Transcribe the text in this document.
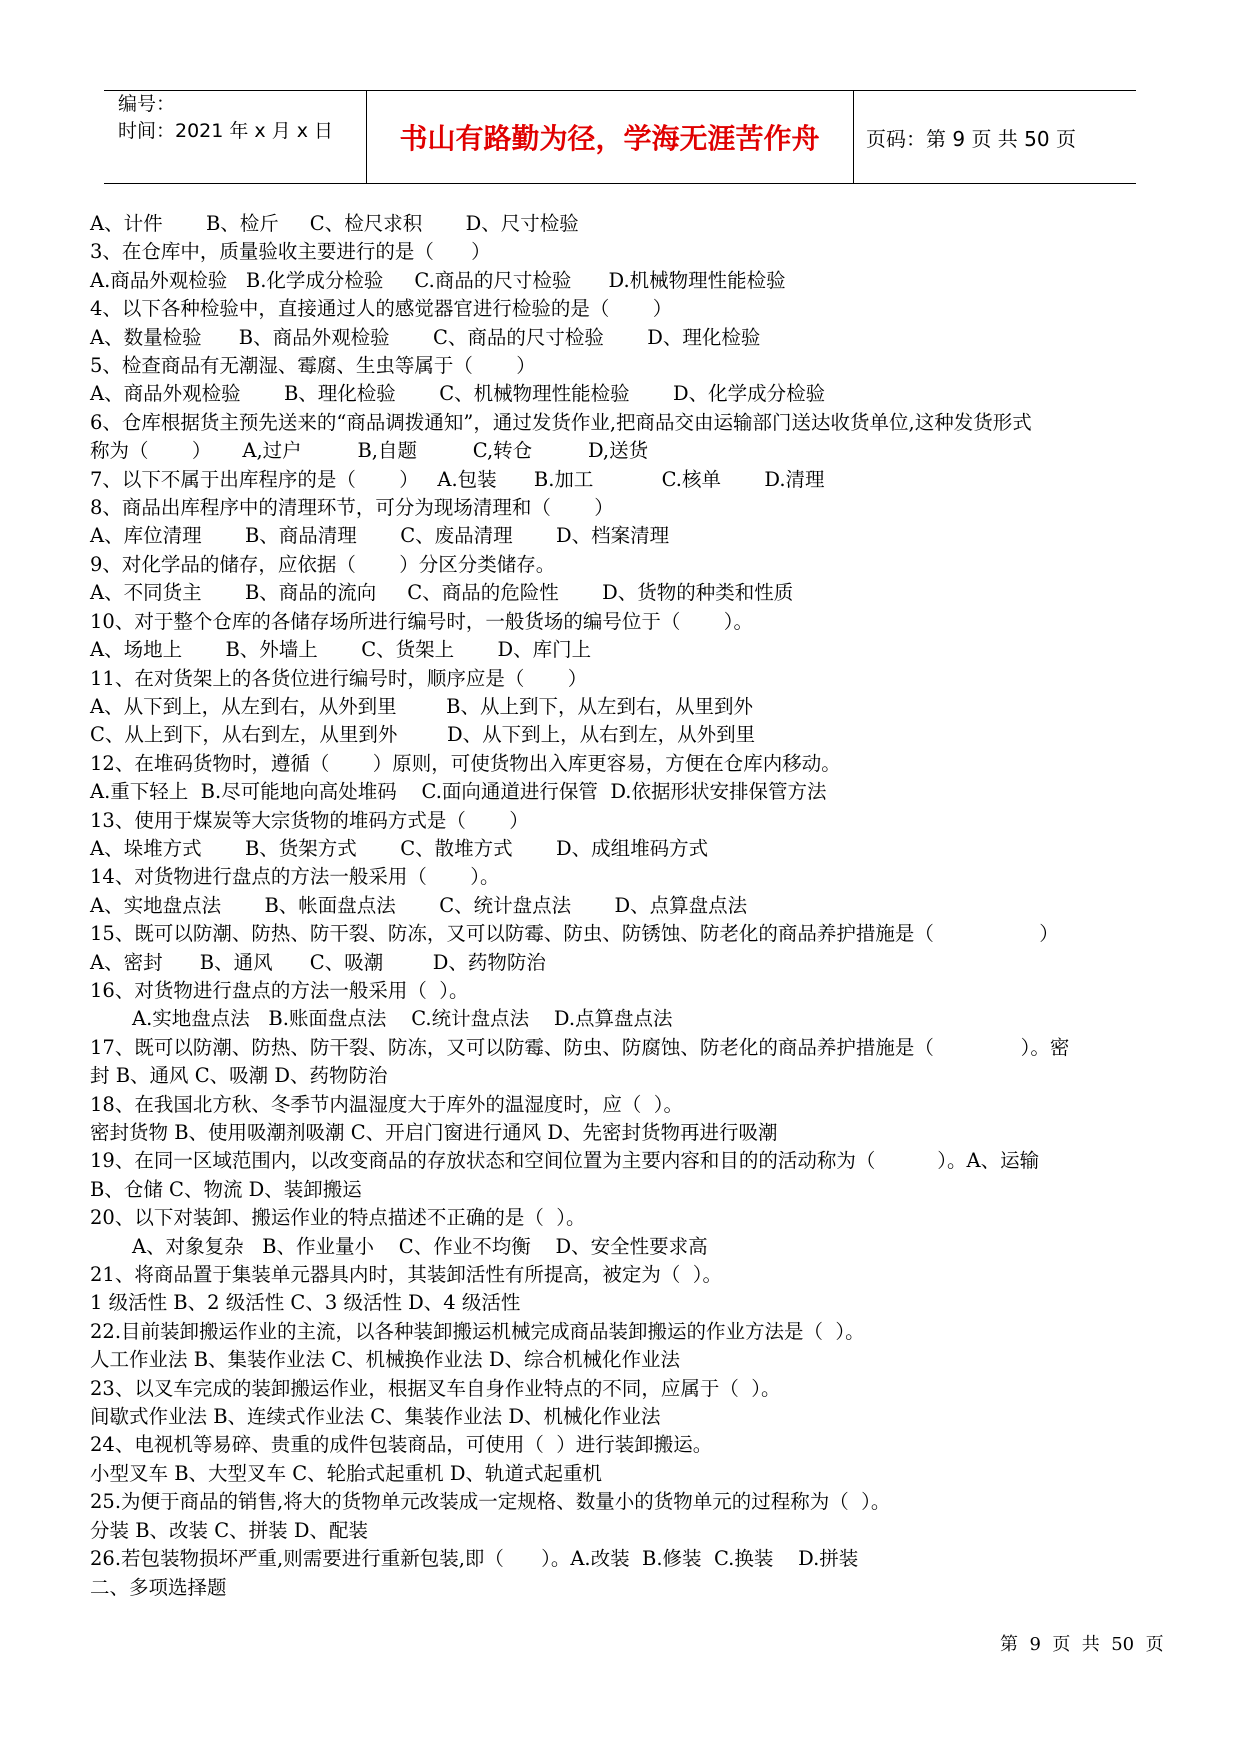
编号：
时间：2021 年 x 月 x 日	书山有路勤为径，学海无涯苦作舟	页码：第 9 页 共 50 页
A、计件       B、检斤     C、检尺求积       D、尺寸检验
3、在仓库中，质量验收主要进行的是（      ）
A.商品外观检验   B.化学成分检验     C.商品的尺寸检验      D.机械物理性能检验
4、以下各种检验中，直接通过人的感觉器官进行检验的是（       ）
A、数量检验      B、商品外观检验       C、商品的尺寸检验       D、理化检验
5、检查商品有无潮湿、霉腐、生虫等属于（       ）
A、商品外观检验       B、理化检验       C、机械物理性能检验       D、化学成分检验
6、仓库根据货主预先送来的“商品调拨通知”，通过发货作业,把商品交由运输部门送达收货单位,这种发货形式
称为（       ）     A,过户         B,自题         C,转仓         D,送货
7、以下不属于出库程序的是（       ）   A.包装      B.加工           C.核单       D.清理
8、商品出库程序中的清理环节，可分为现场清理和（       ）
A、库位清理       B、商品清理       C、废品清理       D、档案清理
9、对化学品的储存，应依据（       ）分区分类储存。
A、不同货主       B、商品的流向     C、商品的危险性       D、货物的种类和性质
10、对于整个仓库的各储存场所进行编号时，一般货场的编号位于（       ）。
A、场地上       B、外墙上       C、货架上       D、库门上
11、在对货架上的各货位进行编号时，顺序应是（       ）
A、从下到上，从左到右，从外到里        B、从上到下，从左到右，从里到外
C、从上到下，从右到左，从里到外        D、从下到上，从右到左，从外到里
12、在堆码货物时，遵循（       ）原则，可使货物出入库更容易，方便在仓库内移动。
A.重下轻上  B.尽可能地向高处堆码    C.面向通道进行保管  D.依据形状安排保管方法
13、使用于煤炭等大宗货物的堆码方式是（       ）
A、垛堆方式       B、货架方式       C、散堆方式       D、成组堆码方式
14、对货物进行盘点的方法一般采用（       ）。
A、实地盘点法       B、帐面盘点法       C、统计盘点法       D、点算盘点法
15、既可以防潮、防热、防干裂、防冻，又可以防霉、防虫、防锈蚀、防老化的商品养护措施是（                 ）
A、密封      B、通风      C、吸潮        D、药物防治
16、对货物进行盘点的方法一般采用（  ）。
A.实地盘点法   B.账面盘点法    C.统计盘点法    D.点算盘点法
17、既可以防潮、防热、防干裂、防冻，又可以防霉、防虫、防腐蚀、防老化的商品养护措施是（              ）。密
封 B、通风 C、吸潮 D、药物防治
18、在我国北方秋、冬季节内温湿度大于库外的温湿度时，应（  ）。
密封货物 B、使用吸潮剂吸潮 C、开启门窗进行通风 D、先密封货物再进行吸潮
19、在同一区域范围内，以改变商品的存放状态和空间位置为主要内容和目的的活动称为（          ）。A、运输
B、仓储 C、物流 D、装卸搬运
20、以下对装卸、搬运作业的特点描述不正确的是（  ）。
A、对象复杂   B、作业量小    C、作业不均衡    D、安全性要求高
21、将商品置于集装单元器具内时，其装卸活性有所提高，被定为（  ）。
1 级活性 B、2 级活性 C、3 级活性 D、4 级活性
22.目前装卸搬运作业的主流，以各种装卸搬运机械完成商品装卸搬运的作业方法是（  ）。
人工作业法 B、集装作业法 C、机械换作业法 D、综合机械化作业法
23、以叉车完成的装卸搬运作业，根据叉车自身作业特点的不同，应属于（  ）。
间歇式作业法 B、连续式作业法 C、集装作业法 D、机械化作业法
24、电视机等易碎、贵重的成件包装商品，可使用（  ）进行装卸搬运。
小型叉车 B、大型叉车 C、轮胎式起重机 D、轨道式起重机
25.为便于商品的销售,将大的货物单元改装成一定规格、数量小的货物单元的过程称为（  ）。
分装 B、改装 C、拼装 D、配装
26.若包装物损坏严重,则需要进行重新包装,即（      ）。A.改装  B.修装  C.换装    D.拼装
二、多项选择题
第  9  页  共  50  页
